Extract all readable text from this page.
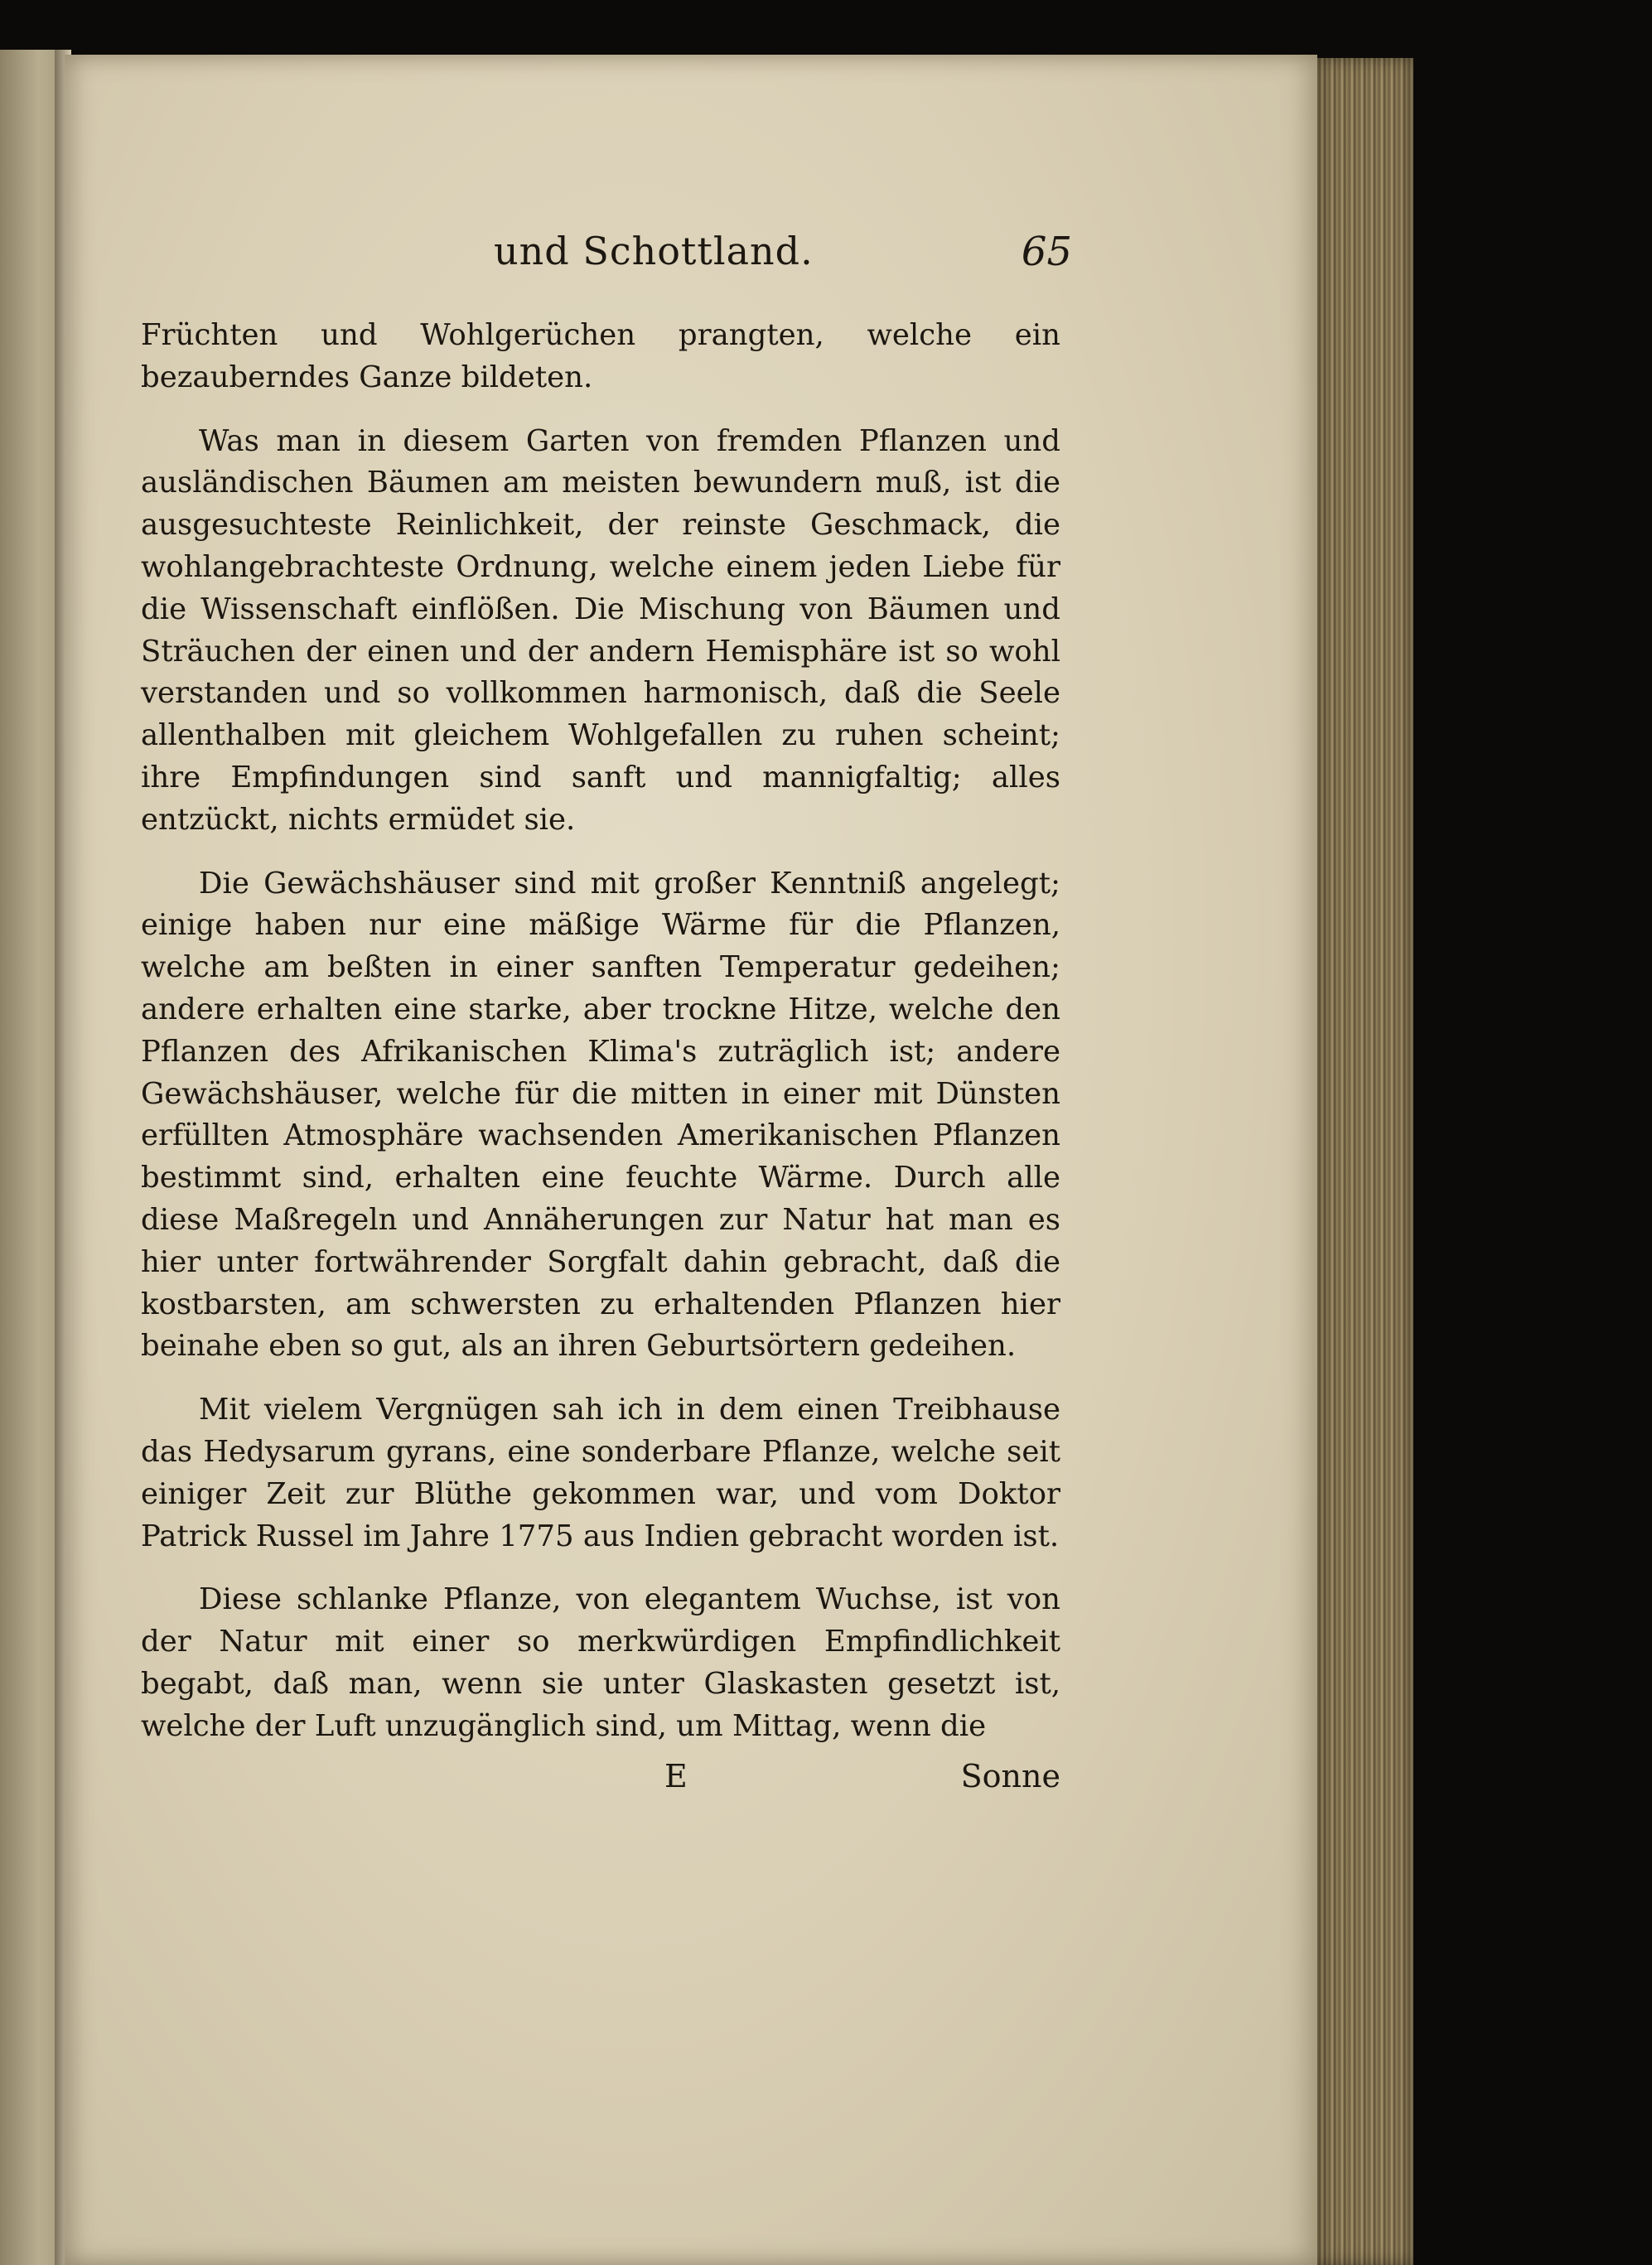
und Schottland.	65

Früchten und Wohlgerüchen prangten, welche ein bezauberndes Ganze bildeten.

Was man in diesem Garten von fremden Pflanzen und ausländischen Bäumen am meisten bewundern muß, ist die ausgesuchteste Reinlichkeit, der reinste Geschmack, die wohlangebrachteste Ordnung, welche einem jeden Liebe für die Wissenschaft einflößen. Die Mischung von Bäumen und Sträuchen der einen und der andern Hemisphäre ist so wohl verstanden und so vollkommen harmonisch, daß die Seele allenthalben mit gleichem Wohlgefallen zu ruhen scheint; ihre Empfindungen sind sanft und mannigfaltig; alles entzückt, nichts ermüdet sie.

Die Gewächshäuser sind mit großer Kenntniß angelegt; einige haben nur eine mäßige Wärme für die Pflanzen, welche am beßten in einer sanften Temperatur gedeihen; andere erhalten eine starke, aber trockne Hitze, welche den Pflanzen des Afrikanischen Klima's zuträglich ist; andere Gewächshäuser, welche für die mitten in einer mit Dünsten erfüllten Atmosphäre wachsenden Amerikanischen Pflanzen bestimmt sind, erhalten eine feuchte Wärme. Durch alle diese Maßregeln und Annäherungen zur Natur hat man es hier unter fortwährender Sorgfalt dahin gebracht, daß die kostbarsten, am schwersten zu erhaltenden Pflanzen hier beinahe eben so gut, als an ihren Geburtsörtern gedeihen.

Mit vielem Vergnügen sah ich in dem einen Treibhause das Hedysarum gyrans, eine sonderbare Pflanze, welche seit einiger Zeit zur Blüthe gekommen war, und vom Doktor Patrick Russel im Jahre 1775 aus Indien gebracht worden ist.

Diese schlanke Pflanze, von elegantem Wuchse, ist von der Natur mit einer so merkwürdigen Empfindlichkeit begabt, daß man, wenn sie unter Glaskasten gesetzt ist, welche der Luft unzugänglich sind, um Mittag, wenn die

E	Sonne
